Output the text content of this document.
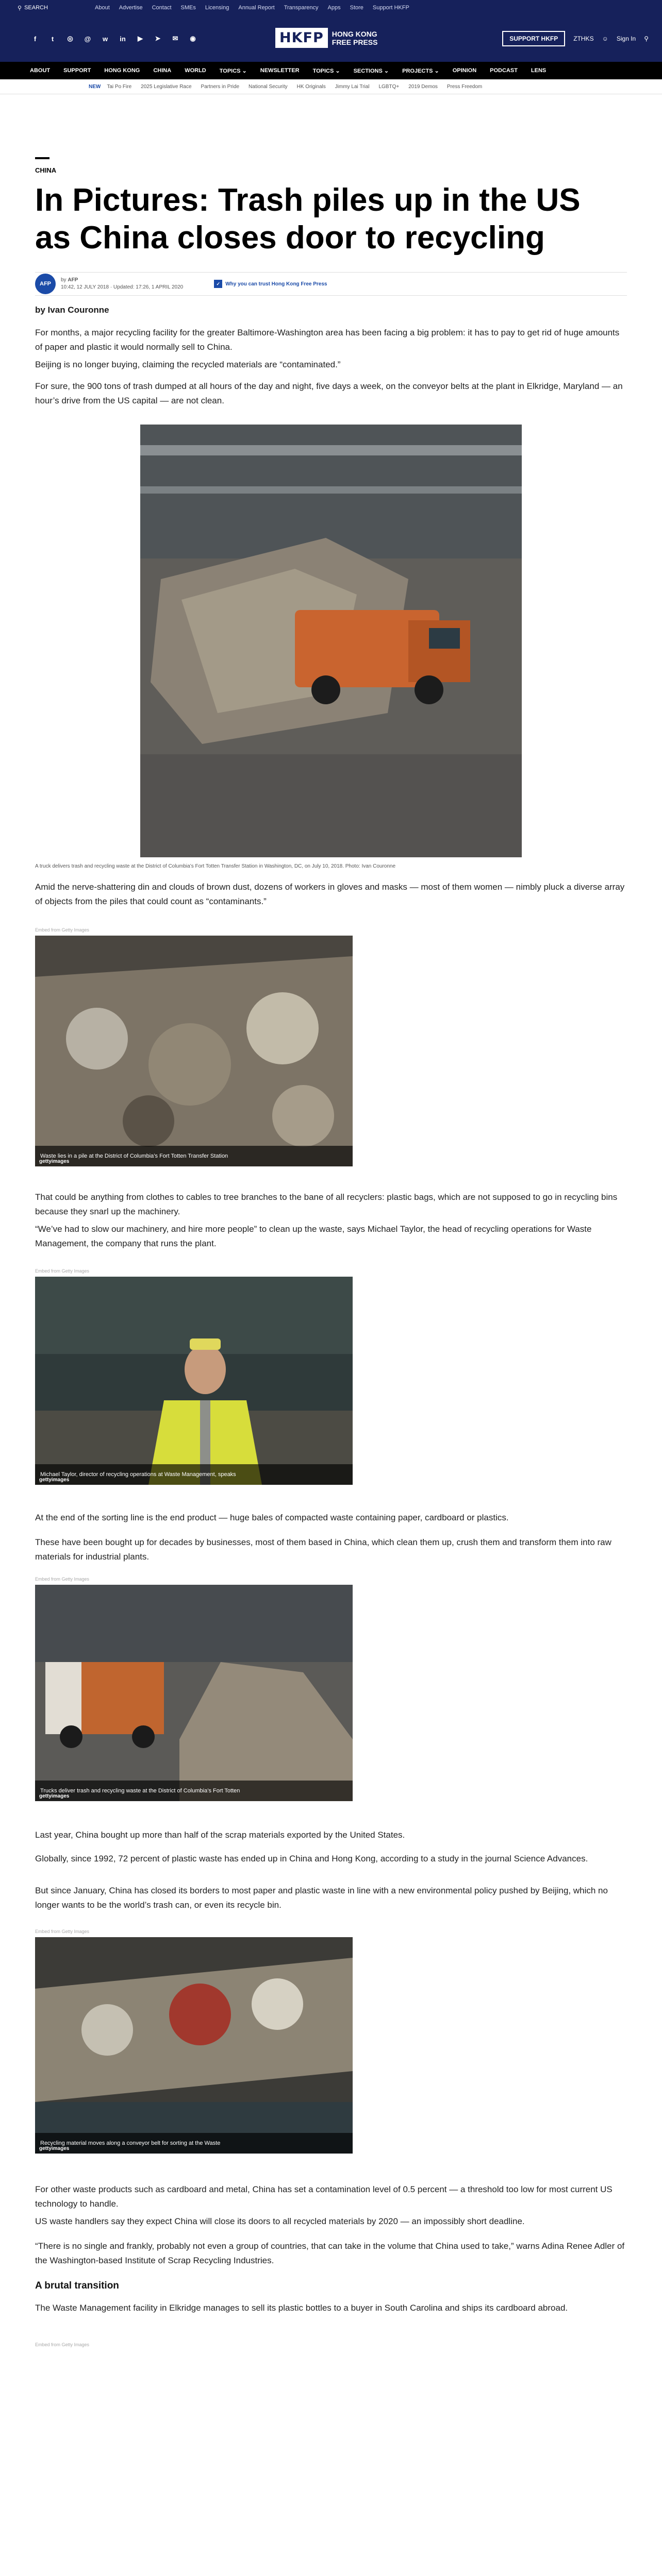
⚲ SEARCH	About Advertise Contact SMEs Licensing Annual Report Transparency Apps Store Support HKFP
f	t	◎	@	w	in	▶	➤	✉	◉	HKFP	HONG KONG
FREE PRESS	SUPPORT HKFP	ZTHKS ☺ Sign In ⚲
ABOUT SUPPORT HONG KONG CHINA WORLD TOPICS ⌄ NEWSLETTER TOPICS ⌄ SECTIONS ⌄ PROJECTS ⌄ OPINION PODCAST LENS
NEW Tai Po Fire 2025 Legislative Race Partners in Pride National Security HK Originals Jimmy Lai Trial LGBTQ+ 2019 Demos Press Freedom
CHINA
In Pictures: Trash piles up in the US as China closes door to recycling
AFP
by AFP
10:42, 12 JULY 2018 · Updated: 17:26, 1 APRIL 2020
✓	Why you can trust Hong Kong Free Press
by Ivan Couronne

For months, a major recycling facility for the greater Baltimore-Washington area has been facing a big problem: it has to pay to get rid of huge amounts of paper and plastic it would normally sell to China.

Beijing is no longer buying, claiming the recycled materials are “contaminated.”

For sure, the 900 tons of trash dumped at all hours of the day and night, five days a week, on the conveyor belts at the plant in Elkridge, Maryland — an hour’s drive from the US capital — are not clean.

A truck delivers trash and recycling waste at the District of Columbia’s Fort Totten Transfer Station in Washington, DC, on July 10, 2018. Photo: Ivan Couronne

Amid the nerve-shattering din and clouds of brown dust, dozens of workers in gloves and masks — most of them women — nimbly pluck a diverse array of objects from the piles that could count as “contaminants.”

Embed from Getty Images
Waste lies in a pile at the District of Columbia’s Fort Totten Transfer Station
gettyimages

That could be anything from clothes to cables to tree branches to the bane of all recyclers: plastic bags, which are not supposed to go in recycling bins because they snarl up the machinery.

“We’ve had to slow our machinery, and hire more people” to clean up the waste, says Michael Taylor, the head of recycling operations for Waste Management, the company that runs the plant.

Embed from Getty Images
Michael Taylor, director of recycling operations at Waste Management, speaks
gettyimages

At the end of the sorting line is the end product — huge bales of compacted waste containing paper, cardboard or plastics.

These have been bought up for decades by businesses, most of them based in China, which clean them up, crush them and transform them into raw materials for industrial plants.

Embed from Getty Images
Trucks deliver trash and recycling waste at the District of Columbia’s Fort Totten
gettyimages

Last year, China bought up more than half of the scrap materials exported by the United States.

Globally, since 1992, 72 percent of plastic waste has ended up in China and Hong Kong, according to a study in the journal Science Advances.

But since January, China has closed its borders to most paper and plastic waste in line with a new environmental policy pushed by Beijing, which no longer wants to be the world’s trash can, or even its recycle bin.

Embed from Getty Images
Recycling material moves along a conveyor belt for sorting at the Waste
gettyimages

For other waste products such as cardboard and metal, China has set a contamination level of 0.5 percent — a threshold too low for most current US technology to handle.

US waste handlers say they expect China will close its doors to all recycled materials by 2020 — an impossibly short deadline.

“There is no single and frankly, probably not even a group of countries, that can take in the volume that China used to take,” warns Adina Renee Adler of the Washington-based Institute of Scrap Recycling Industries.

A brutal transition

The Waste Management facility in Elkridge manages to sell its plastic bottles to a buyer in South Carolina and ships its cardboard abroad.

Embed from Getty Images
